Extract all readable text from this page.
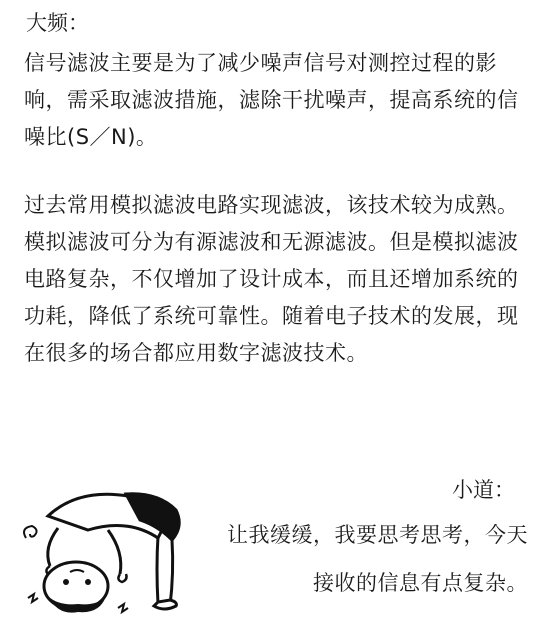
大频：

信号滤波主要是为了减少噪声信号对测控过程的影响，需采取滤波措施，滤除干扰噪声，提高系统的信噪比(S／N)。

过去常用模拟滤波电路实现滤波，该技术较为成熟。模拟滤波可分为有源滤波和无源滤波。但是模拟滤波电路复杂，不仅增加了设计成本，而且还增加系统的功耗，降低了系统可靠性。随着电子技术的发展，现在很多的场合都应用数字滤波技术。

小道：
让我缓缓，我要思考思考，今天
接收的信息有点复杂。
